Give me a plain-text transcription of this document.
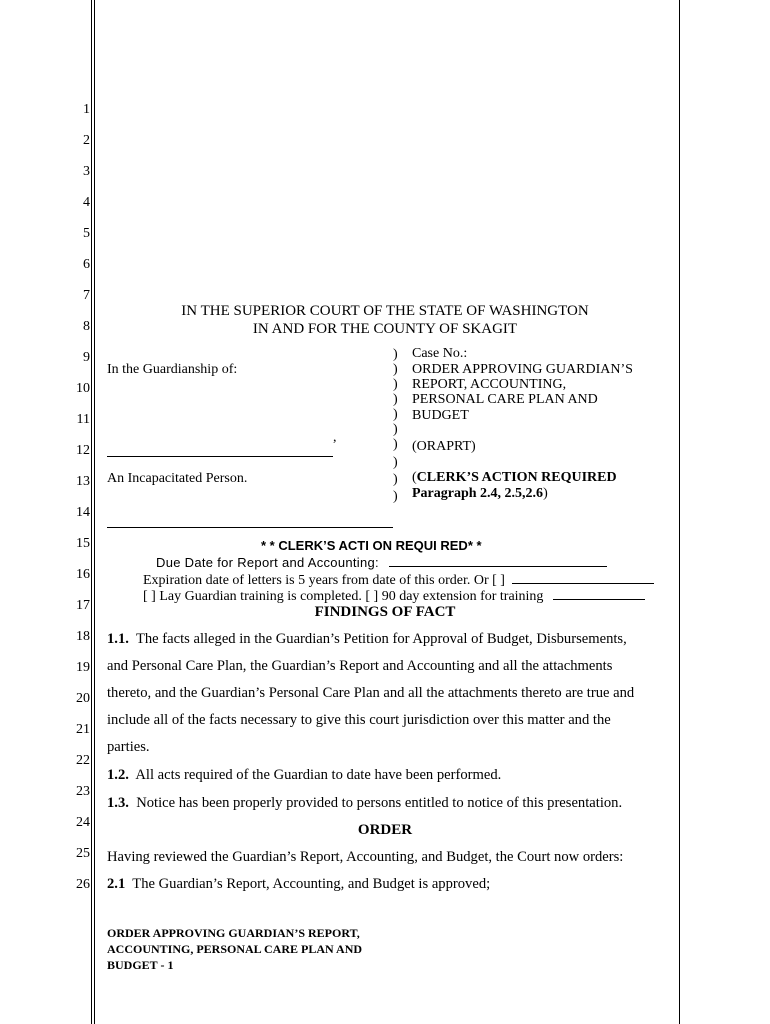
1
2
3
4
5
6
7
8
9
10
11
12
13
14
15
16
17
18
19
20
21
22
23
24
25
26
IN THE SUPERIOR COURT OF THE STATE OF WASHINGTON
IN AND FOR THE COUNTY OF SKAGIT
In the Guardianship of:

,
An Incapacitated Person.

)
)
)
)
)
)
)
)
)
)
Case No.:
ORDER APPROVING GUARDIAN’S
REPORT, ACCOUNTING,
PERSONAL CARE PLAN AND
BUDGET
(ORAPRT)
(CLERK’S ACTION REQUIRED
Paragraph 2.4, 2.5,2.6)
* * CLERK’S ACTI ON REQUI RED* *
Due Date for Report and Accounting:
Expiration date of letters is 5 years from date of this order. Or [ ]
[ ] Lay Guardian training is completed. [ ] 90 day extension for training
FINDINGS OF FACT
1.1. The facts alleged in the Guardian’s Petition for Approval of Budget, Disbursements,
and Personal Care Plan, the Guardian’s Report and Accounting and all the attachments
thereto, and the Guardian’s Personal Care Plan and all the attachments thereto are true and
include all of the facts necessary to give this court jurisdiction over this matter and the
parties.
1.2. All acts required of the Guardian to date have been performed.
1.3. Notice has been properly provided to persons entitled to notice of this presentation.
ORDER
Having reviewed the Guardian’s Report, Accounting, and Budget, the Court now orders:
2.1 The Guardian’s Report, Accounting, and Budget is approved;
ORDER APPROVING GUARDIAN’S REPORT,
ACCOUNTING, PERSONAL CARE PLAN AND
BUDGET - 1
